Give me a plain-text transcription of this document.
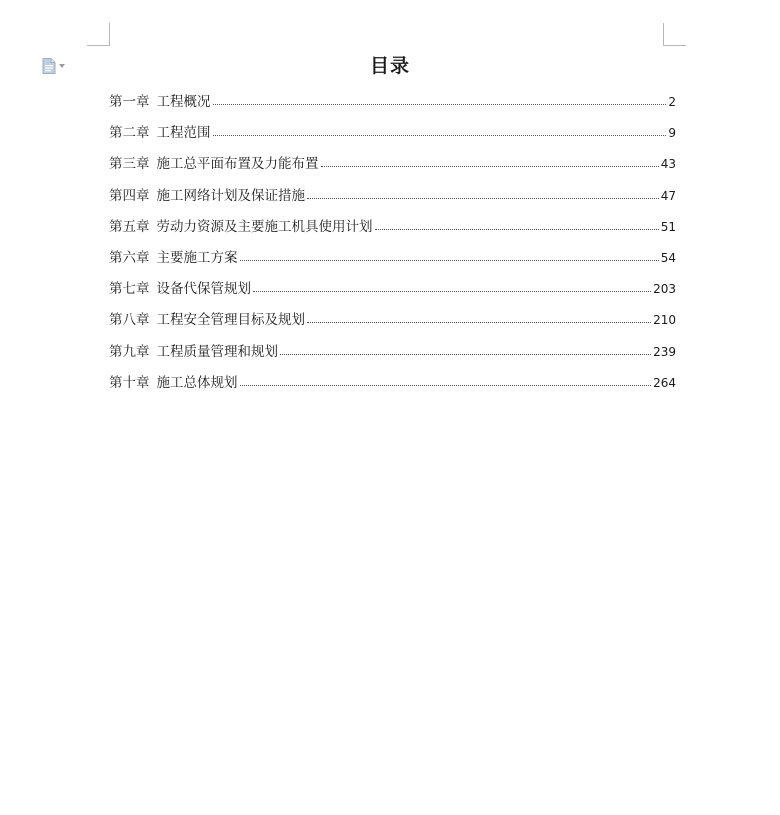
目录
第一章 工程概况	2
第二章 工程范围	9
第三章 施工总平面布置及力能布置	43
第四章 施工网络计划及保证措施	47
第五章 劳动力资源及主要施工机具使用计划	51
第六章 主要施工方案	54
第七章 设备代保管规划	203
第八章 工程安全管理目标及规划	210
第九章 工程质量管理和规划	239
第十章 施工总体规划	264
